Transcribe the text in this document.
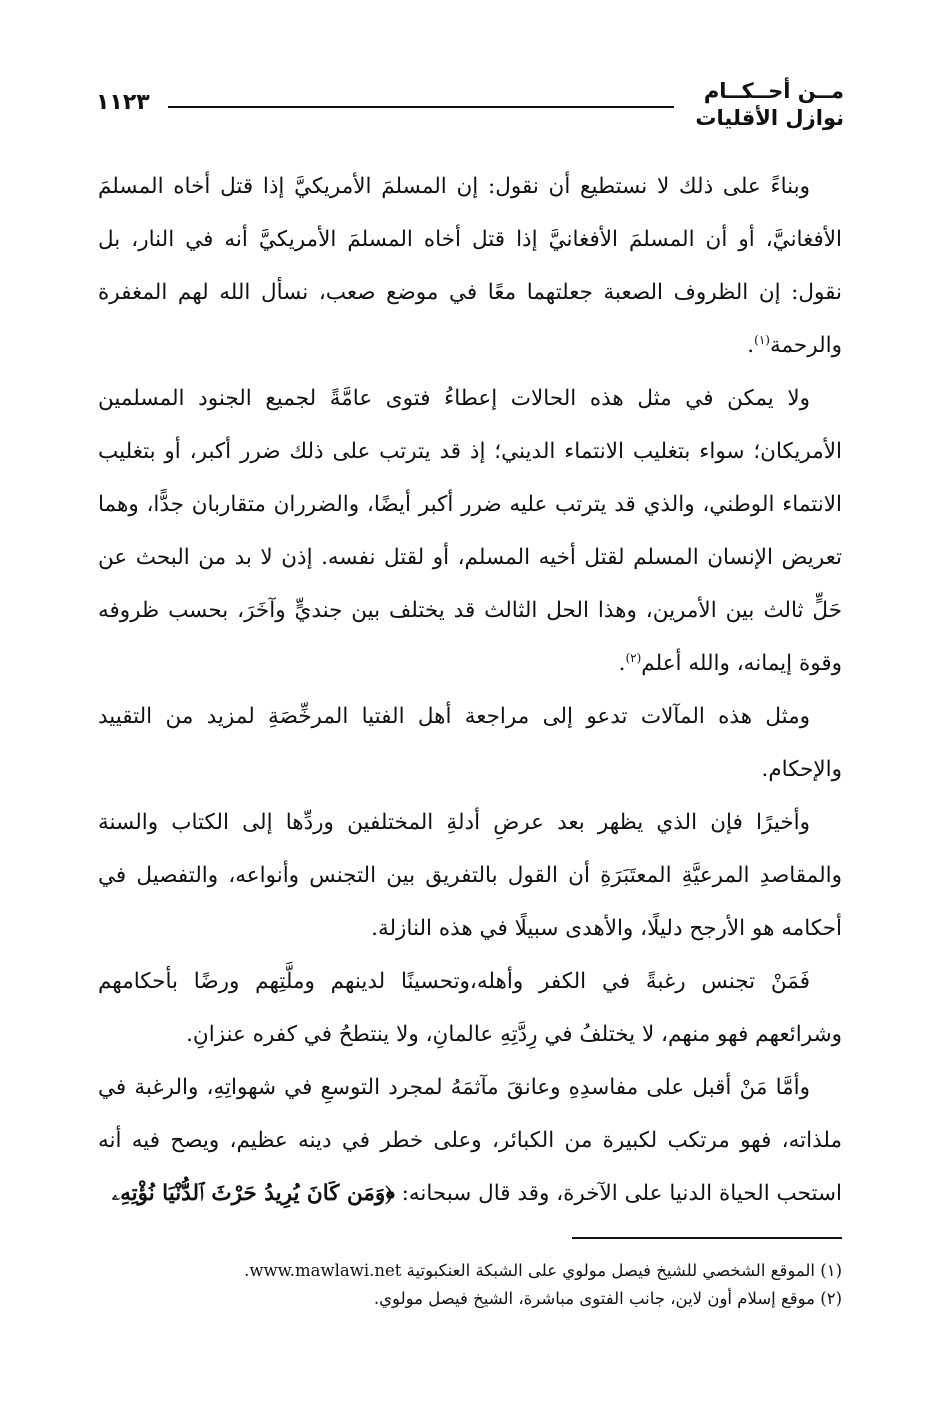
مــن أحــكــام
نوازل الأقليات
١١٢٣

وبناءً على ذلك لا نستطيع أن نقول: إن المسلمَ الأمريكيَّ إذا قتل أخاه المسلمَ الأفغانيَّ، أو أن المسلمَ الأفغانيَّ إذا قتل أخاه المسلمَ الأمريكيَّ أنه في النار، بل نقول: إن الظروف الصعبة جعلتهما معًا في موضع صعب، نسأل الله لهم المغفرة والرحمة$^{(١)}$.

ولا يمكن في مثل هذه الحالات إعطاءُ فتوى عامَّةً لجميع الجنود المسلمين الأمريكان؛ سواء بتغليب الانتماء الديني؛ إذ قد يترتب على ذلك ضرر أكبر، أو بتغليب الانتماء الوطني، والذي قد يترتب عليه ضرر أكبر أيضًا، والضرران متقاربان جدًّا، وهما تعريض الإنسان المسلم لقتل أخيه المسلم، أو لقتل نفسه. إذن لا بد من البحث عن حَلٍّ ثالث بين الأمرين، وهذا الحل الثالث قد يختلف بين جنديٍّ وآخَرَ، بحسب ظروفه وقوة إيمانه، والله أعلم$^{(٢)}$.

ومثل هذه المآلات تدعو إلى مراجعة أهل الفتيا المرخِّصَةِ لمزيد من التقييد والإحكام.

وأخيرًا فإن الذي يظهر بعد عرضِ أدلةِ المختلفين وردِّها إلى الكتاب والسنة والمقاصدِ المرعيَّةِ المعتَبَرَةِ أن القول بالتفريق بين التجنس وأنواعه، والتفصيل في أحكامه هو الأرجح دليلًا، والأهدى سبيلًا في هذه النازلة.

فَمَنْ تجنس رغبةً في الكفر وأهله،وتحسينًا لدينهم وملَّتِهم ورضًا بأحكامهم وشرائعهم فهو منهم، لا يختلفُ في رِدَّتِهِ عالمانِ، ولا ينتطحُ في كفره عنزانِ.

وأمَّا مَنْ أقبل على مفاسدِهِ وعانقَ مآثمَهُ لمجرد التوسعِ في شهواتِهِ، والرغبة في ملذاته، فهو مرتكب لكبيرة من الكبائر، وعلى خطر في دينه عظيم، ويصح فيه أنه استحب الحياة الدنيا على الآخرة، وقد قال سبحانه: ﴿وَمَن كَانَ يُرِيدُ حَرْثَ ٱلدُّنْيَا نُؤْتِهِۦ

(١) الموقع الشخصي للشيخ فيصل مولوي على الشبكة العنكبوتية www.mawlawi.net.
(٢) موقع إسلام أون لاين، جانب الفتوى مباشرة، الشيخ فيصل مولوي.
